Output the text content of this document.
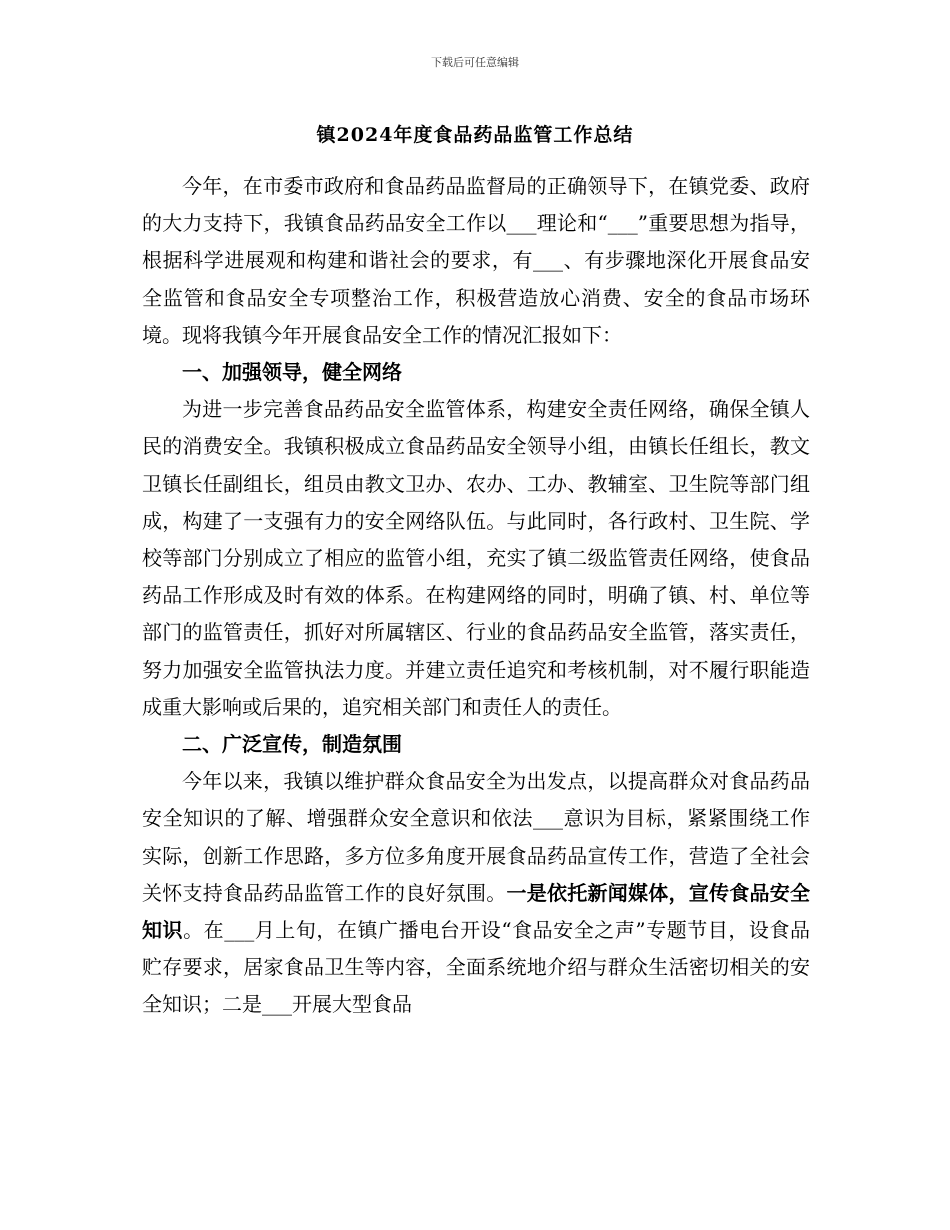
下载后可任意编辑
镇2024年度食品药品监管工作总结

今年，在市委市政府和食品药品监督局的正确领导下，在镇党委、政府的大力支持下，我镇食品药品安全工作以___理论和“___”重要思想为指导，根据科学进展观和构建和谐社会的要求，有___、有步骤地深化开展食品安全监管和食品安全专项整治工作，积极营造放心消费、安全的食品市场环境。现将我镇今年开展食品安全工作的情况汇报如下：

一、加强领导，健全网络

为进一步完善食品药品安全监管体系，构建安全责任网络，确保全镇人民的消费安全。我镇积极成立食品药品安全领导小组，由镇长任组长，教文卫镇长任副组长，组员由教文卫办、农办、工办、教辅室、卫生院等部门组成，构建了一支强有力的安全网络队伍。与此同时，各行政村、卫生院、学校等部门分别成立了相应的监管小组，充实了镇二级监管责任网络，使食品药品工作形成及时有效的体系。在构建网络的同时，明确了镇、村、单位等部门的监管责任，抓好对所属辖区、行业的食品药品安全监管，落实责任，努力加强安全监管执法力度。并建立责任追究和考核机制，对不履行职能造成重大影响或后果的，追究相关部门和责任人的责任。

二、广泛宣传，制造氛围

今年以来，我镇以维护群众食品安全为出发点，以提高群众对食品药品安全知识的了解、增强群众安全意识和依法___意识为目标，紧紧围绕工作实际，创新工作思路，多方位多角度开展食品药品宣传工作，营造了全社会关怀支持食品药品监管工作的良好氛围。一是依托新闻媒体，宣传食品安全知识。在___月上旬，在镇广播电台开设“食品安全之声”专题节目，设食品贮存要求，居家食品卫生等内容，全面系统地介绍与群众生活密切相关的安全知识；二是___开展大型食品
